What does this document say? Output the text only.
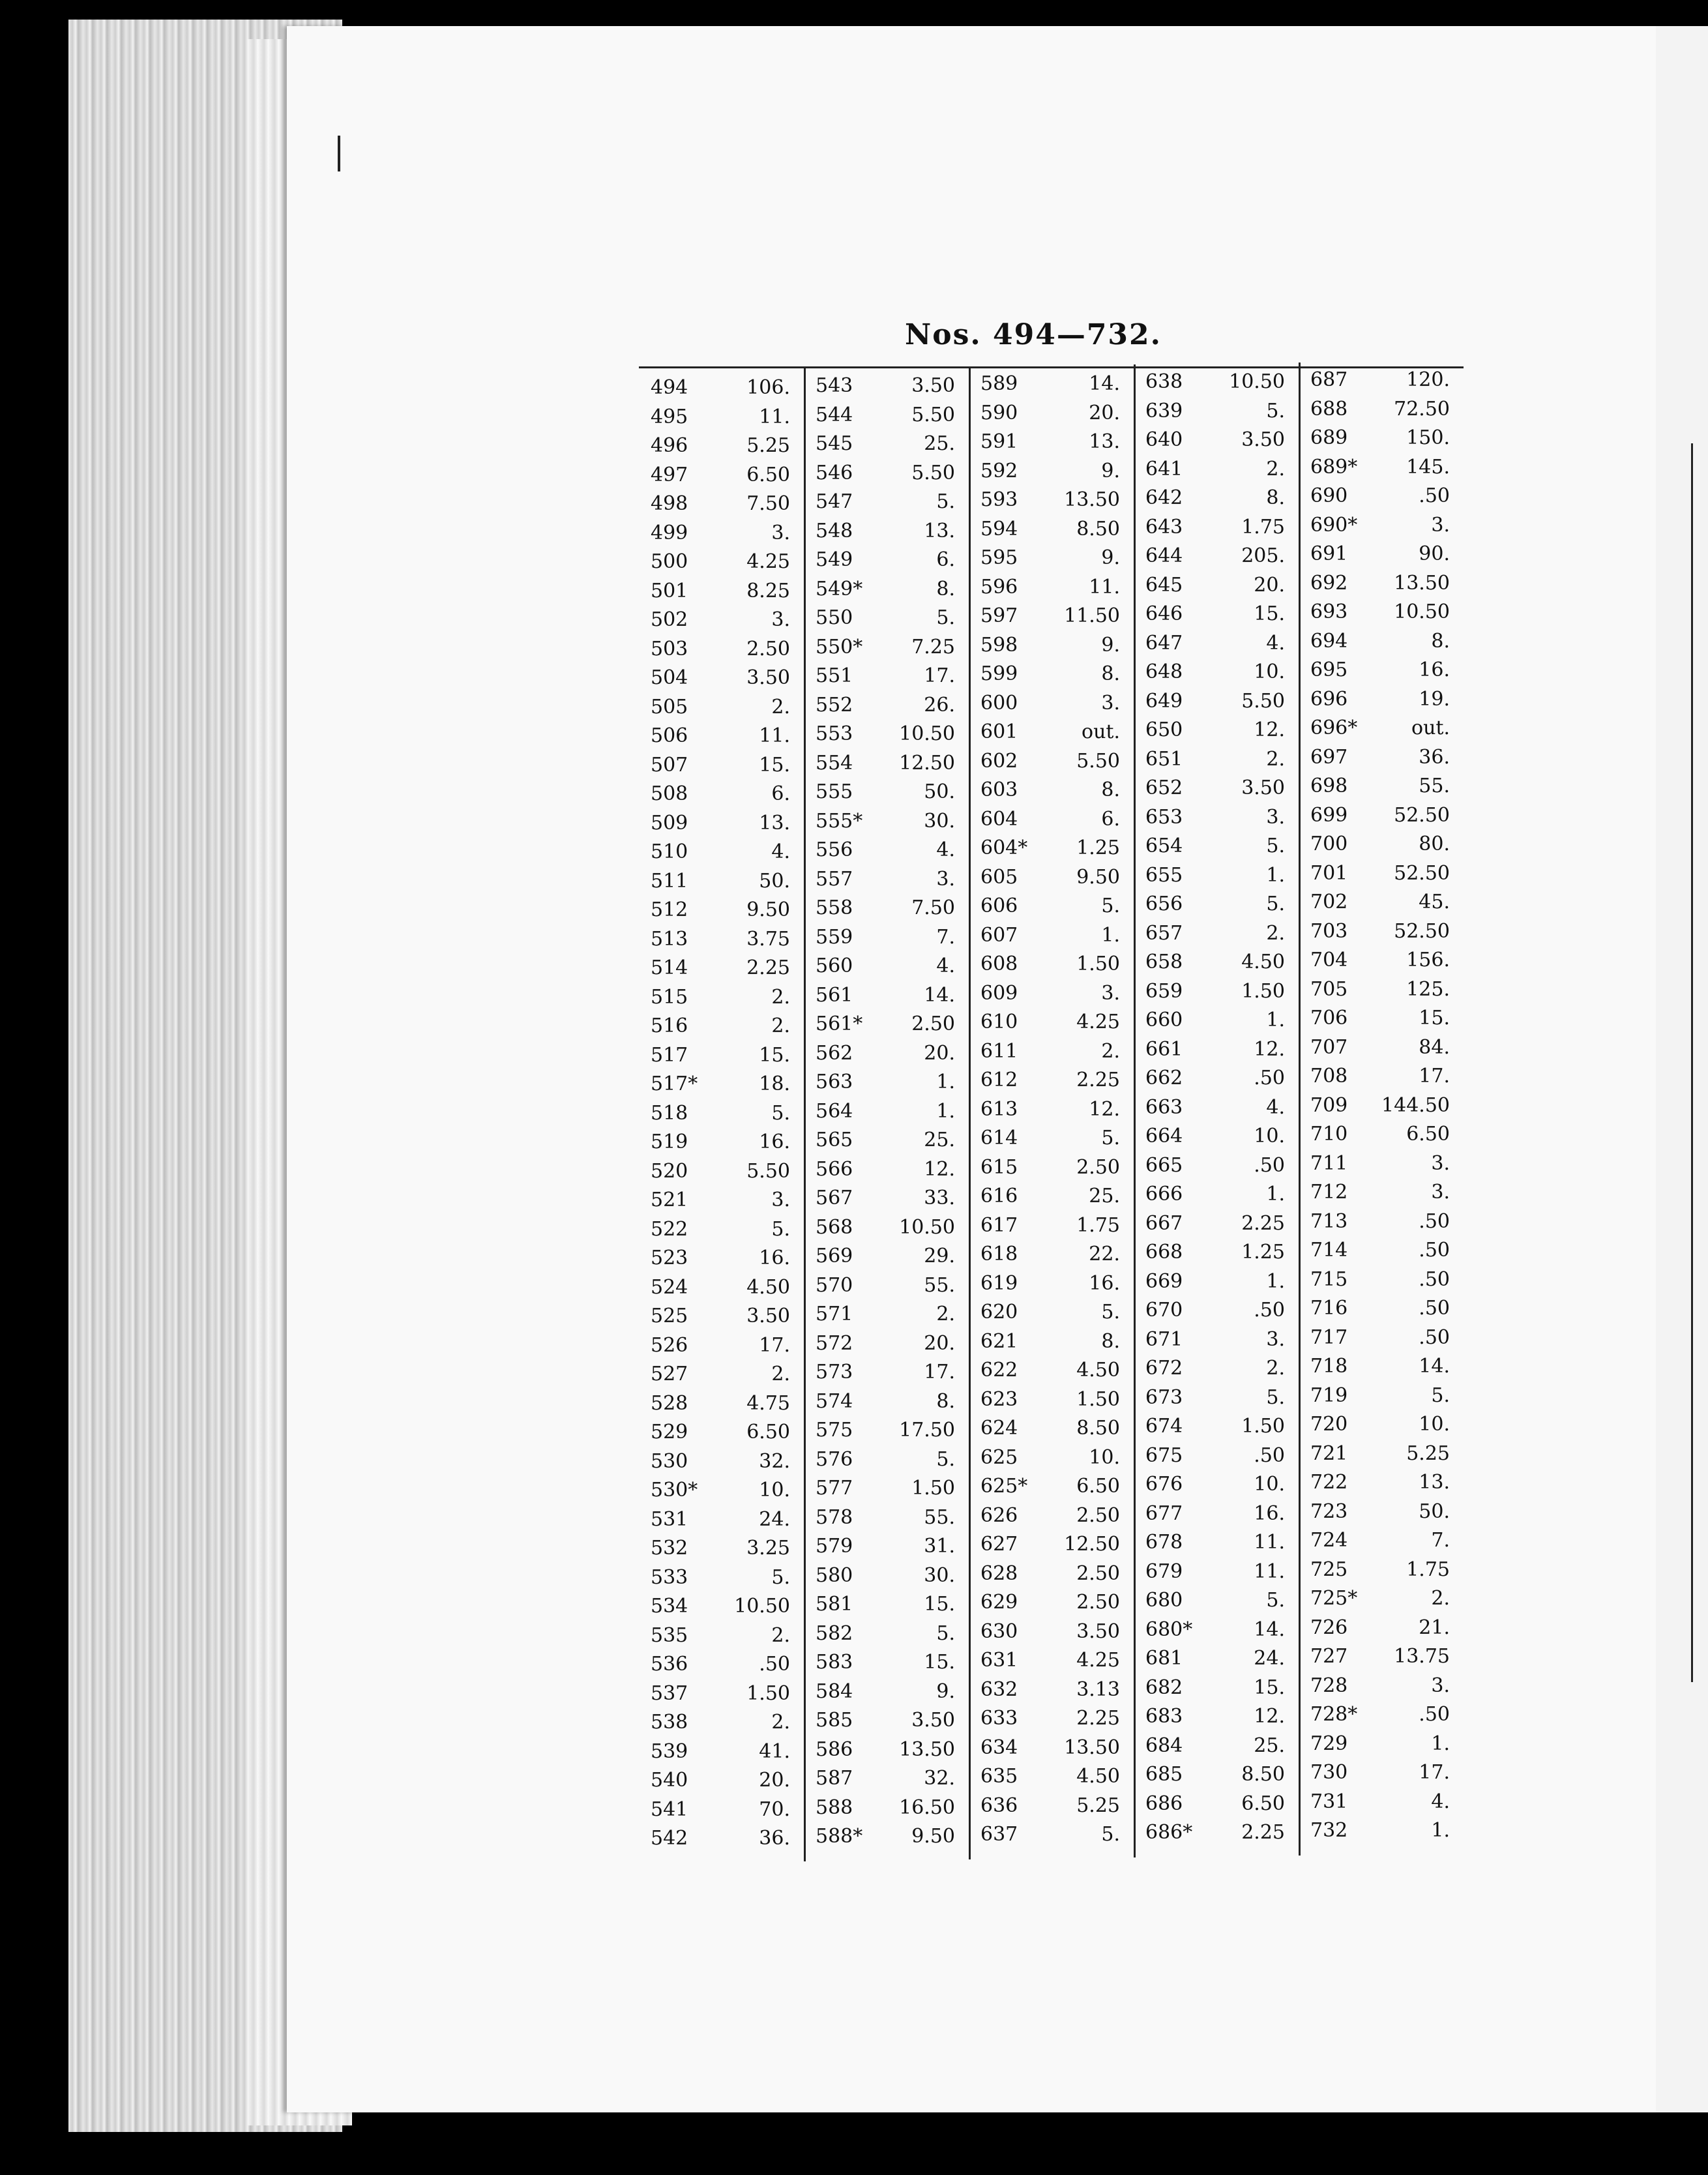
Nos. 494—732.
494	106.
495	11.
496	5.25
497	6.50
498	7.50
499	3.
500	4.25
501	8.25
502	3.
503	2.50
504	3.50
505	2.
506	11.
507	15.
508	6.
509	13.
510	4.
511	50.
512	9.50
513	3.75
514	2.25
515	2.
516	2.
517	15.
517*	18.
518	5.
519	16.
520	5.50
521	3.
522	5.
523	16.
524	4.50
525	3.50
526	17.
527	2.
528	4.75
529	6.50
530	32.
530*	10.
531	24.
532	3.25
533	5.
534	10.50
535	2.
536	.50
537	1.50
538	2.
539	41.
540	20.
541	70.
542	36.
543	3.50
544	5.50
545	25.
546	5.50
547	5.
548	13.
549	6.
549*	8.
550	5.
550*	7.25
551	17.
552	26.
553	10.50
554	12.50
555	50.
555*	30.
556	4.
557	3.
558	7.50
559	7.
560	4.
561	14.
561*	2.50
562	20.
563	1.
564	1.
565	25.
566	12.
567	33.
568	10.50
569	29.
570	55.
571	2.
572	20.
573	17.
574	8.
575	17.50
576	5.
577	1.50
578	55.
579	31.
580	30.
581	15.
582	5.
583	15.
584	9.
585	3.50
586	13.50
587	32.
588	16.50
588*	9.50
589	14.
590	20.
591	13.
592	9.
593	13.50
594	8.50
595	9.
596	11.
597	11.50
598	9.
599	8.
600	3.
601	out.
602	5.50
603	8.
604	6.
604*	1.25
605	9.50
606	5.
607	1.
608	1.50
609	3.
610	4.25
611	2.
612	2.25
613	12.
614	5.
615	2.50
616	25.
617	1.75
618	22.
619	16.
620	5.
621	8.
622	4.50
623	1.50
624	8.50
625	10.
625*	6.50
626	2.50
627	12.50
628	2.50
629	2.50
630	3.50
631	4.25
632	3.13
633	2.25
634	13.50
635	4.50
636	5.25
637	5.
638	10.50
639	5.
640	3.50
641	2.
642	8.
643	1.75
644	205.
645	20.
646	15.
647	4.
648	10.
649	5.50
650	12.
651	2.
652	3.50
653	3.
654	5.
655	1.
656	5.
657	2.
658	4.50
659	1.50
660	1.
661	12.
662	.50
663	4.
664	10.
665	.50
666	1.
667	2.25
668	1.25
669	1.
670	.50
671	3.
672	2.
673	5.
674	1.50
675	.50
676	10.
677	16.
678	11.
679	11.
680	5.
680*	14.
681	24.
682	15.
683	12.
684	25.
685	8.50
686	6.50
686*	2.25
687	120.
688	72.50
689	150.
689*	145.
690	.50
690*	3.
691	90.
692	13.50
693	10.50
694	8.
695	16.
696	19.
696*	out.
697	36.
698	55.
699	52.50
700	80.
701	52.50
702	45.
703	52.50
704	156.
705	125.
706	15.
707	84.
708	17.
709	144.50
710	6.50
711	3.
712	3.
713	.50
714	.50
715	.50
716	.50
717	.50
718	14.
719	5.
720	10.
721	5.25
722	13.
723	50.
724	7.
725	1.75
725*	2.
726	21.
727	13.75
728	3.
728*	.50
729	1.
730	17.
731	4.
732	1.
